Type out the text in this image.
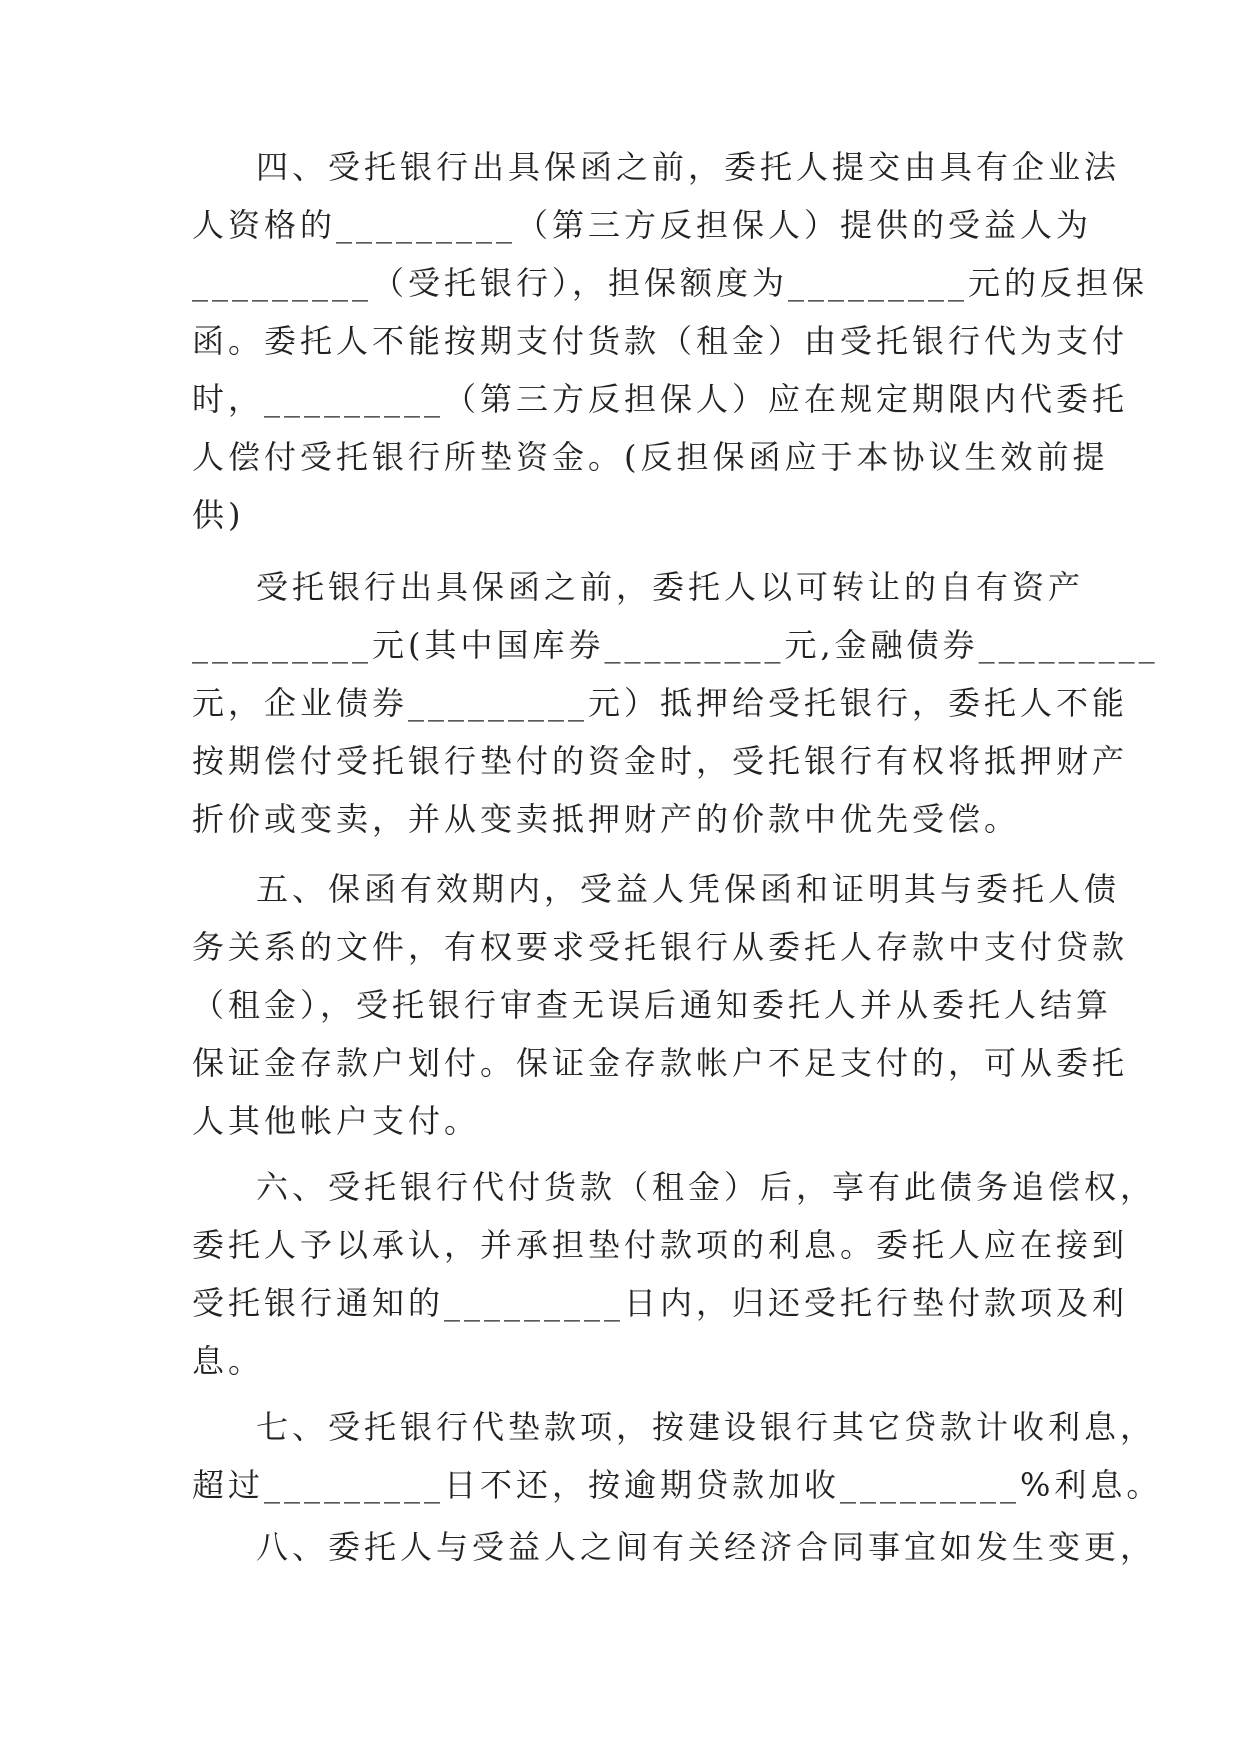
四、受托银行出具保函之前，委托人提交由具有企业法
人资格的_________（第三方反担保人）提供的受益人为
_________（受托银行），担保额度为_________元的反担保
函。委托人不能按期支付货款（租金）由受托银行代为支付
时，_________（第三方反担保人）应在规定期限内代委托
人偿付受托银行所垫资金。(反担保函应于本协议生效前提
供)
受托银行出具保函之前，委托人以可转让的自有资产
_________元(其中国库券_________元,金融债券_________
元，企业债券_________元）抵押给受托银行，委托人不能
按期偿付受托银行垫付的资金时，受托银行有权将抵押财产
折价或变卖，并从变卖抵押财产的价款中优先受偿。
五、保函有效期内，受益人凭保函和证明其与委托人债
务关系的文件，有权要求受托银行从委托人存款中支付贷款
（租金），受托银行审查无误后通知委托人并从委托人结算
保证金存款户划付。保证金存款帐户不足支付的，可从委托
人其他帐户支付。
六、受托银行代付货款（租金）后，享有此债务追偿权，
委托人予以承认，并承担垫付款项的利息。委托人应在接到
受托银行通知的_________日内，归还受托行垫付款项及利
息。
七、受托银行代垫款项，按建设银行其它贷款计收利息，
超过_________日不还，按逾期贷款加收_________%利息。
八、委托人与受益人之间有关经济合同事宜如发生变更，
